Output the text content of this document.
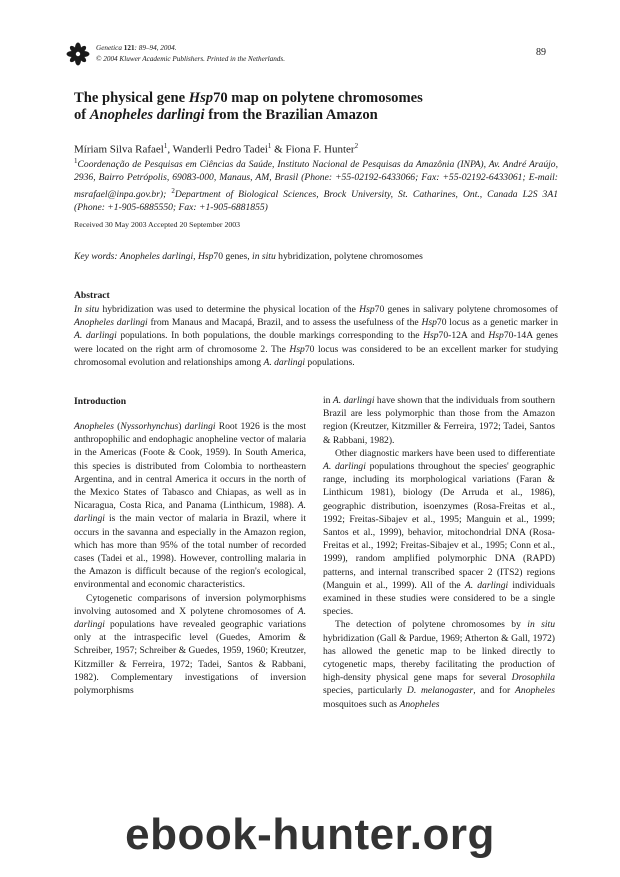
Genetica 121: 89–94, 2004.
© 2004 Kluwer Academic Publishers. Printed in the Netherlands.
89
The physical gene Hsp70 map on polytene chromosomes
of Anopheles darlingi from the Brazilian Amazon
Míriam Silva Rafael$^1$, Wanderli Pedro Tadei$^1$ & Fiona F. Hunter$^2$
$^1$Coordenação de Pesquisas em Ciências da Saúde, Instituto Nacional de Pesquisas da Amazônia (INPA), Av. André Araújo, 2936, Bairro Petrópolis, 69083-000, Manaus, AM, Brasil (Phone: +55-02192-6433066; Fax: +55-02192-6433061; E-mail: msrafael@inpa.gov.br); $^2$Department of Biological Sciences, Brock University, St. Catharines, Ont., Canada L2S 3A1 (Phone: +1-905-6885550; Fax: +1-905-6881855)
Received 30 May 2003 Accepted 20 September 2003
Key words: Anopheles darlingi, Hsp70 genes, in situ hybridization, polytene chromosomes
Abstract
In situ hybridization was used to determine the physical location of the Hsp70 genes in salivary polytene chromosomes of Anopheles darlingi from Manaus and Macapá, Brazil, and to assess the usefulness of the Hsp70 locus as a genetic marker in A. darlingi populations. In both populations, the double markings corresponding to the Hsp70-12A and Hsp70-14A genes were located on the right arm of chromosome 2. The Hsp70 locus was considered to be an excellent marker for studying chromosomal evolution and relationships among A. darlingi populations.
Introduction

Anopheles (Nyssorhynchus) darlingi Root 1926 is the most anthropophilic and endophagic anopheline vector of malaria in the Americas (Foote & Cook, 1959). In South America, this species is distributed from Colombia to northeastern Argentina, and in central America it occurs in the north of the Mexico States of Tabasco and Chiapas, as well as in Nicaragua, Costa Rica, and Panama (Linthicum, 1988). A. darlingi is the main vector of malaria in Brazil, where it occurs in the savanna and especially in the Amazon region, which has more than 95% of the total number of recorded cases (Tadei et al., 1998). However, controlling malaria in the Amazon is difficult because of the region's ecological, environmental and economic characteristics.

Cytogenetic comparisons of inversion polymorphisms involving autosomed and X polytene chromosomes of A. darlingi populations have revealed geographic variations only at the intraspecific level (Guedes, Amorim & Schreiber, 1957; Schreiber & Guedes, 1959, 1960; Kreutzer, Kitzmiller & Ferreira, 1972; Tadei, Santos & Rabbani, 1982). Complementary investigations of inversion polymorphisms

in A. darlingi have shown that the individuals from southern Brazil are less polymorphic than those from the Amazon region (Kreutzer, Kitzmiller & Ferreira, 1972; Tadei, Santos & Rabbani, 1982).

Other diagnostic markers have been used to differentiate A. darlingi populations throughout the species' geographic range, including its morphological variations (Faran & Linthicum 1981), biology (De Arruda et al., 1986), geographic distribution, isoenzymes (Rosa-Freitas et al., 1992; Freitas-Sibajev et al., 1995; Manguin et al., 1999; Santos et al., 1999), behavior, mitochondrial DNA (Rosa-Freitas et al., 1992; Freitas-Sibajev et al., 1995; Conn et al., 1999), random amplified polymorphic DNA (RAPD) patterns, and internal transcribed spacer 2 (ITS2) regions (Manguin et al., 1999). All of the A. darlingi individuals examined in these studies were considered to be a single species.

The detection of polytene chromosomes by in situ hybridization (Gall & Pardue, 1969; Atherton & Gall, 1972) has allowed the genetic map to be linked directly to cytogenetic maps, thereby facilitating the production of high-density physical gene maps for several Drosophila species, particularly D. melanogaster, and for Anopheles mosquitoes such as Anopheles

ebook-hunter.org
